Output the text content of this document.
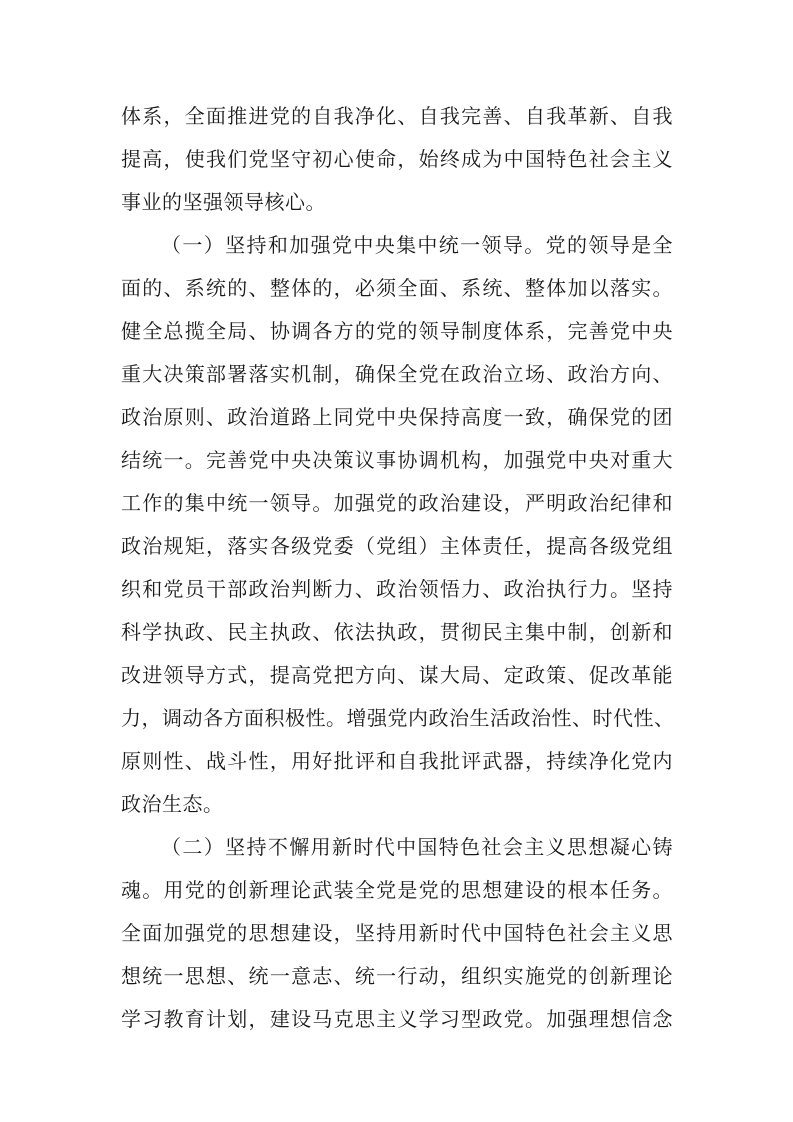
体系，全面推进党的自我净化、自我完善、自我革新、自我
提高，使我们党坚守初心使命，始终成为中国特色社会主义
事业的坚强领导核心。
（一）坚持和加强党中央集中统一领导。党的领导是全
面的、系统的、整体的，必须全面、系统、整体加以落实。
健全总揽全局、协调各方的党的领导制度体系，完善党中央
重大决策部署落实机制，确保全党在政治立场、政治方向、
政治原则、政治道路上同党中央保持高度一致，确保党的团
结统一。完善党中央决策议事协调机构，加强党中央对重大
工作的集中统一领导。加强党的政治建设，严明政治纪律和
政治规矩，落实各级党委（党组）主体责任，提高各级党组
织和党员干部政治判断力、政治领悟力、政治执行力。坚持
科学执政、民主执政、依法执政，贯彻民主集中制，创新和
改进领导方式，提高党把方向、谋大局、定政策、促改革能
力，调动各方面积极性。增强党内政治生活政治性、时代性、
原则性、战斗性，用好批评和自我批评武器，持续净化党内
政治生态。
（二）坚持不懈用新时代中国特色社会主义思想凝心铸
魂。用党的创新理论武装全党是党的思想建设的根本任务。
全面加强党的思想建设，坚持用新时代中国特色社会主义思
想统一思想、统一意志、统一行动，组织实施党的创新理论
学习教育计划，建设马克思主义学习型政党。加强理想信念
